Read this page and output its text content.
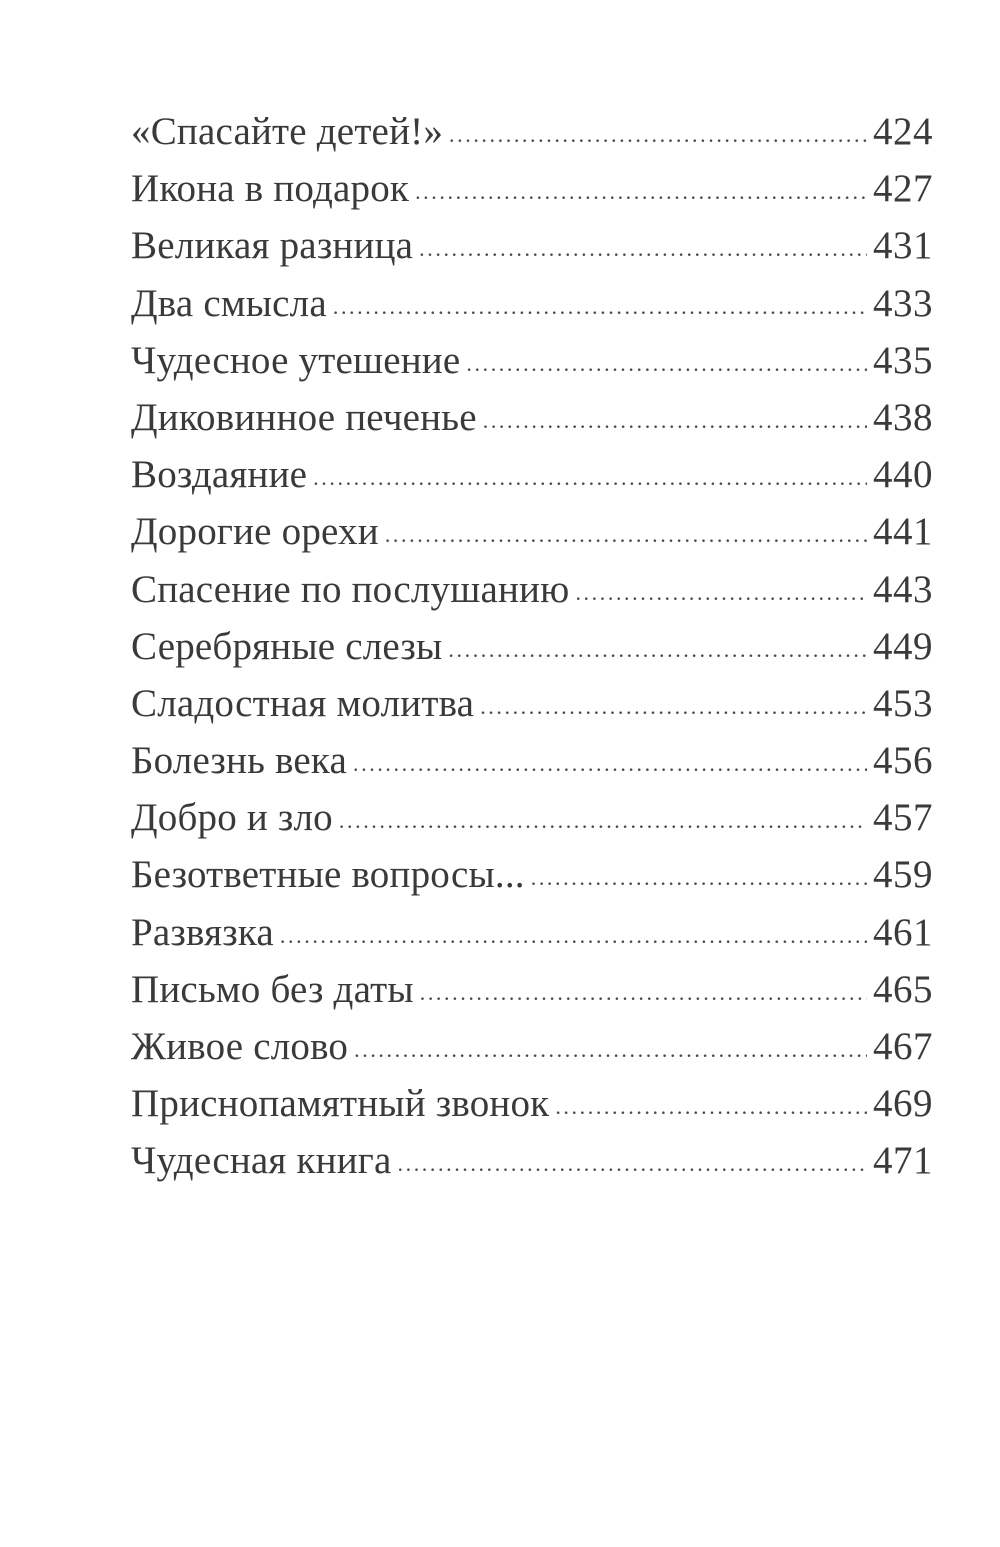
«Спасайте детей!» .....	424
Икона в подарок .....	427
Великая разница .....	431
Два смысла .....	433
Чудесное утешение .....	435
Диковинное печенье .....	438
Воздаяние .....	440
Дорогие орехи .....	441
Спасение по послушанию .....	443
Серебряные слезы .....	449
Сладостная молитва .....	453
Болезнь века .....	456
Добро и зло .....	457
Безответные вопросы... .....	459
Развязка .....	461
Письмо без даты .....	465
Живое слово .....	467
Приснопамятный звонок .....	469
Чудесная книга .....	471
